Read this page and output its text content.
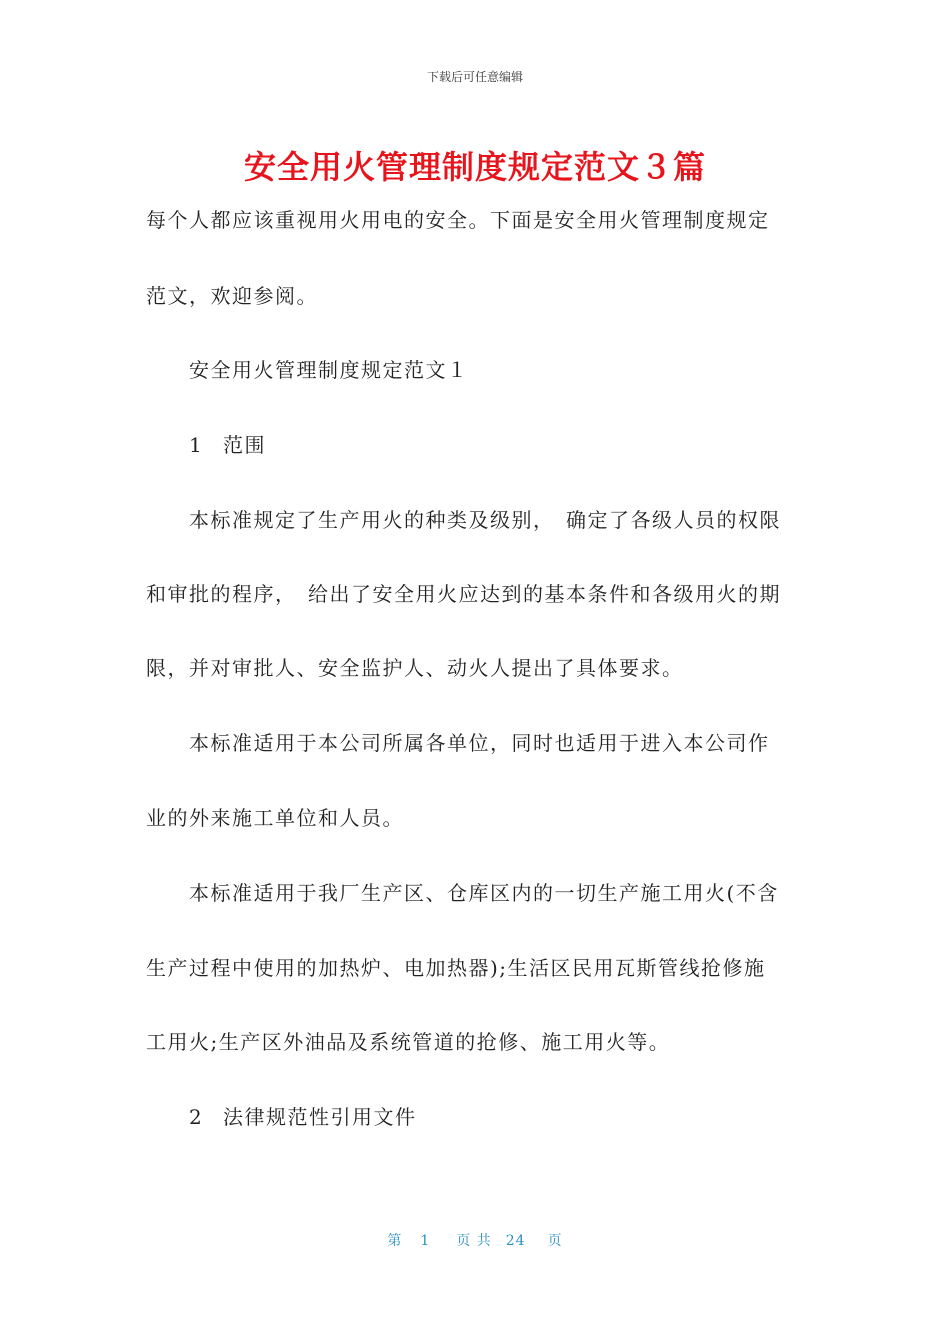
下载后可任意编辑
安全用火管理制度规定范文３篇
每个人都应该重视用火用电的安全。下面是安全用火管理制度规定
范文，欢迎参阅。
安全用火管理制度规定范文１
1 范围
本标准规定了生产用火的种类及级别，　确定了各级人员的权限
和审批的程序，　给出了安全用火应达到的基本条件和各级用火的期
限，并对审批人、安全监护人、动火人提出了具体要求。
本标准适用于本公司所属各单位，同时也适用于进入本公司作
业的外来施工单位和人员。
本标准适用于我厂生产区、仓库区内的一切生产施工用火(不含
生产过程中使用的加热炉、电加热器);生活区民用瓦斯管线抢修施
工用火;生产区外油品及系统管道的抢修、施工用火等。
2 法律规范性引用文件
第 1 页 共 24 页
